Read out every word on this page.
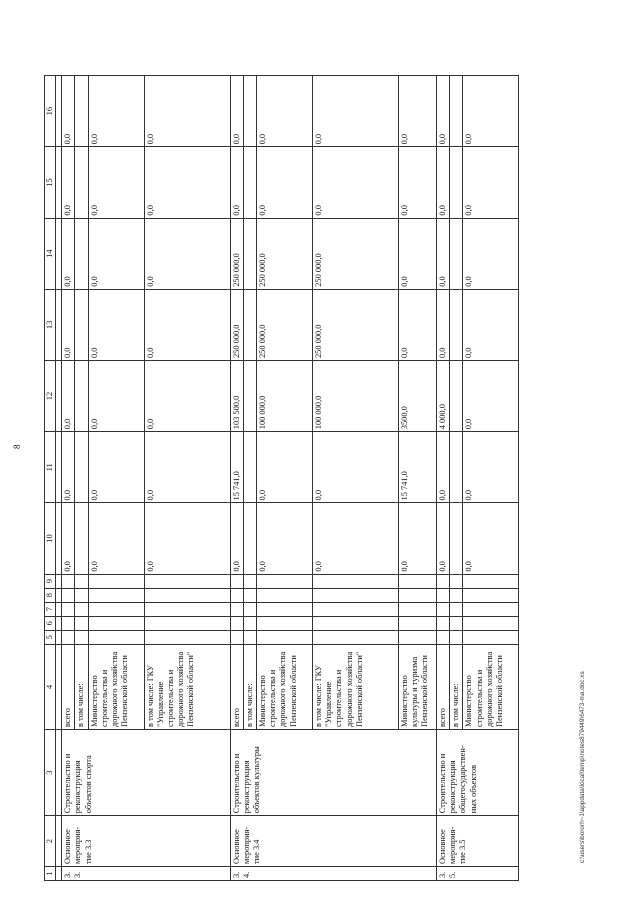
8
1	2	3	4	5	6	7	8	9	10	11	12	13	14	15	16

3.3.	Основное мероприя-тие 3.3	Строительство и реконструкция объектов спорта	всего						0,0	0,0	0,0	0,0	0,0	0,0	0,0
			в том числе:												
			Министерство строительства и дорожного хозяйства Пензенской области						0,0	0,0	0,0	0,0	0,0	0,0	0,0
			в том числе: ГКУ "Управление строительства и дорожного хозяйства Пензенской области"						0,0	0,0	0,0	0,0	0,0	0,0	0,0
3.4.	Основное мероприя-тие 3.4	Строительство и реконструкция объектов культуры	всего						0,0	15 741,0	103 500,0	250 000,0	250 000,0	0,0	0,0
			в том числе:												
			Министерство строительства и дорожного хозяйства Пензенской области						0,0	0,0	100 000,0	250 000,0	250 000,0	0,0	0,0
			в том числе: ГКУ "Управление строительства и дорожного хозяйства Пензенской области"						0,0	0,0	100 000,0	250 000,0	250 000,0	0,0	0,0
			Министерство культуры и туризма Пензенской области						0,0	15 741,0	3500,0	0,0	0,0	0,0	0,0
3.5.	Основное мероприя-тие 3.5	Строительство и реконструкция общегосударствен-ных объектов	всего						0,0	0,0	4 000,0	0,0	0,0	0,0	0,0
			в том числе:												
			Министерство строительства и дорожного хозяйства Пензенской области						0,0	0,0	0,0	0,0	0,0	0,0	0,0
c:\users\bororh~1\appdata\local\temp\notes879449\6473-ma.doc.xs
